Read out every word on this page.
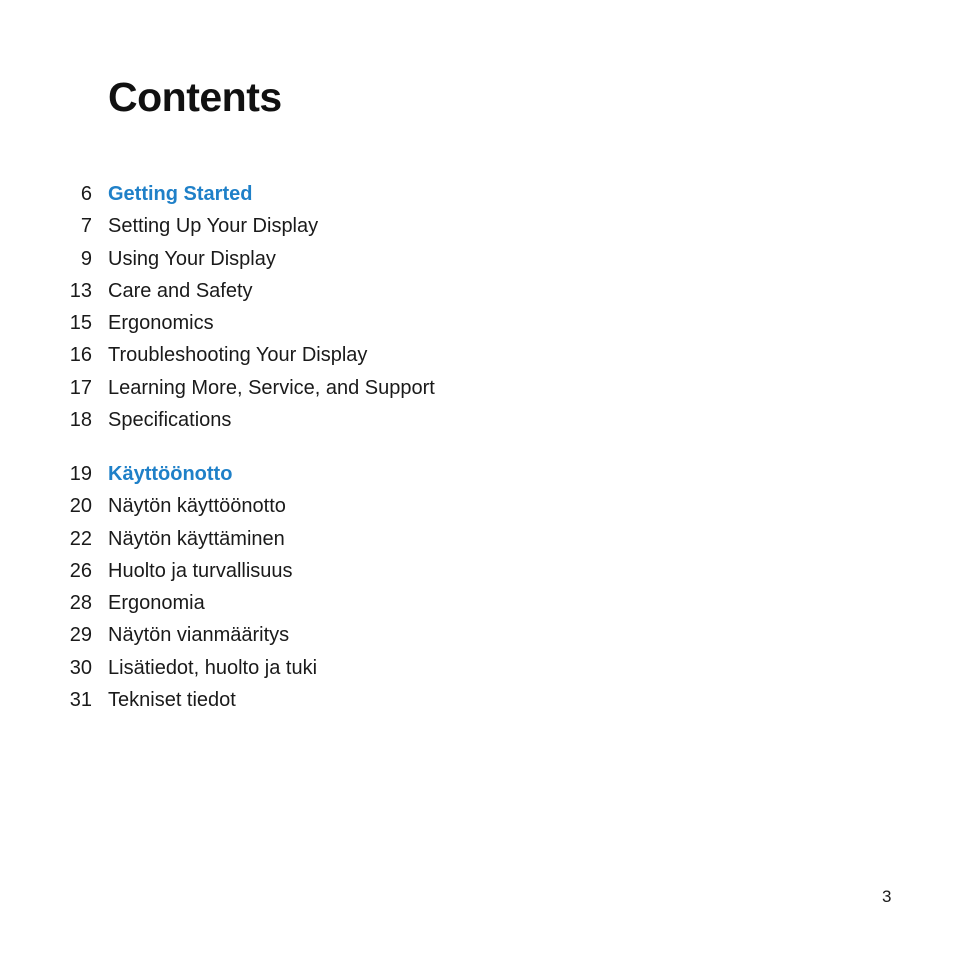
Contents
6 Getting Started
7 Setting Up Your Display
9 Using Your Display
13 Care and Safety
15 Ergonomics
16 Troubleshooting Your Display
17 Learning More, Service, and Support
18 Specifications
19 Käyttöönotto
20 Näytön käyttöönotto
22 Näytön käyttäminen
26 Huolto ja turvallisuus
28 Ergonomia
29 Näytön vianmääritys
30 Lisätiedot, huolto ja tuki
31 Tekniset tiedot
3
